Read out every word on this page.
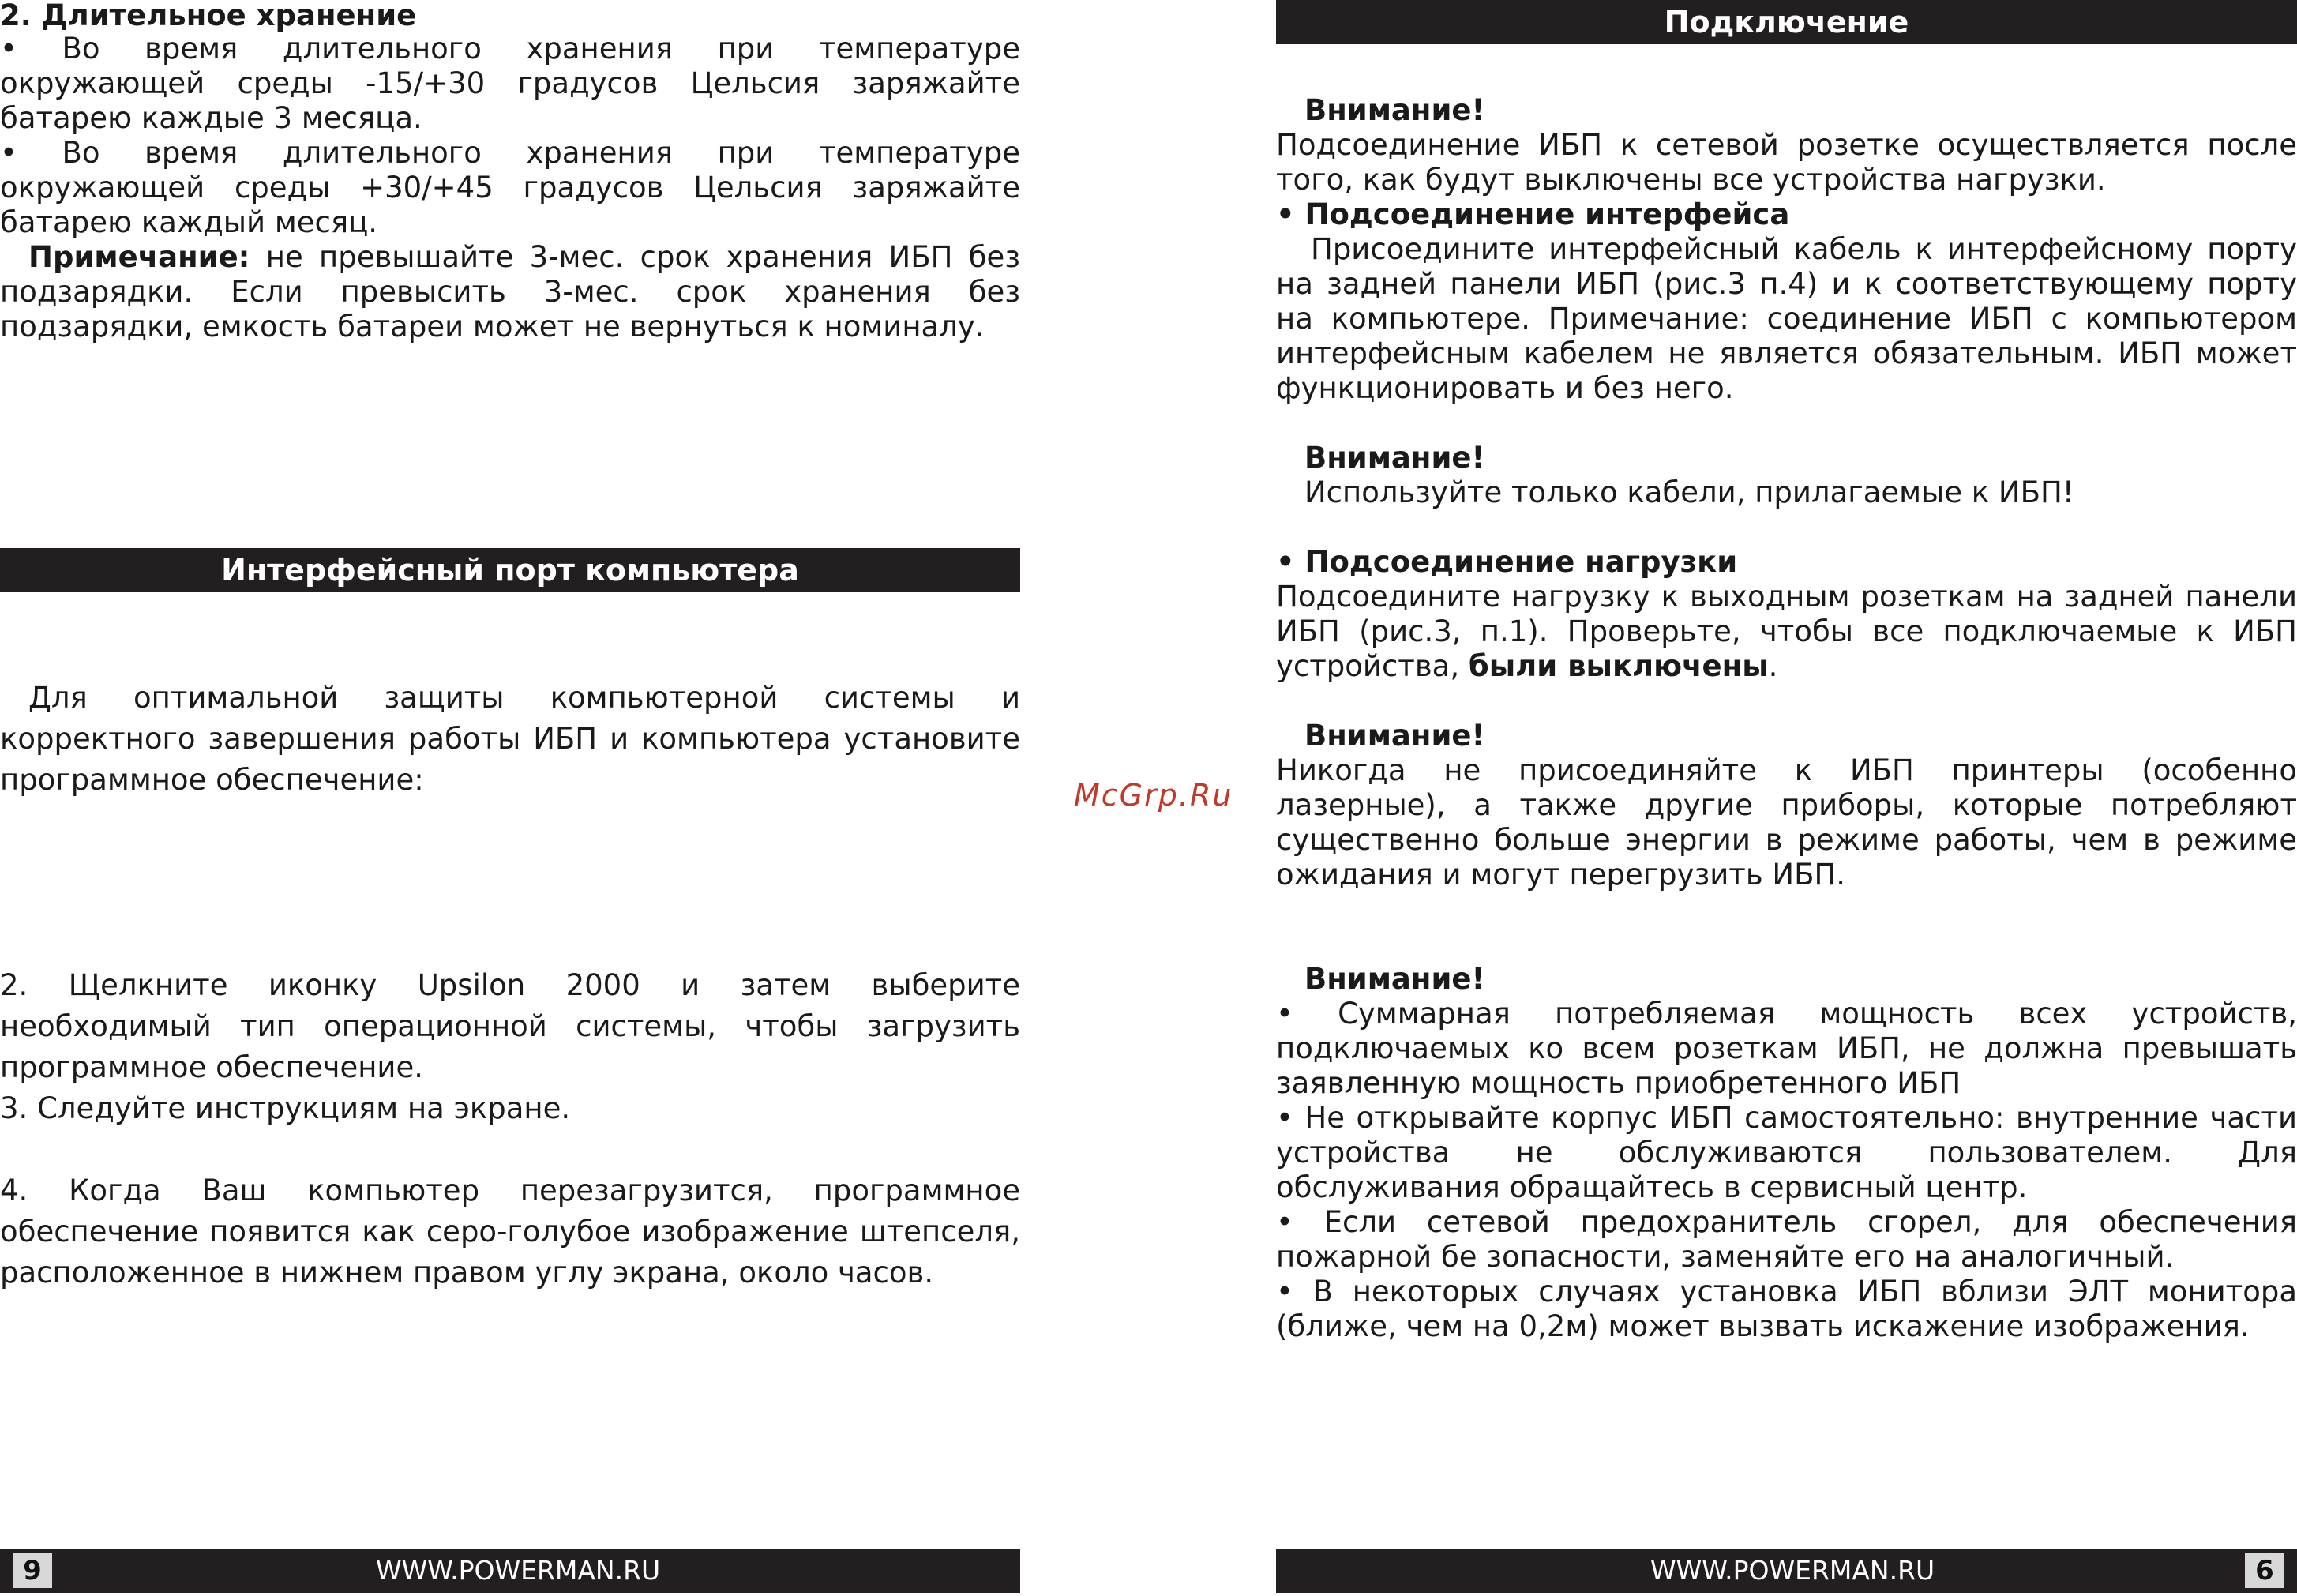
2. Длительное хранение

• Во время длительного хранения при температуре окружающей среды -15/+30 градусов Цельсия заряжайте батарею каждые 3 месяца.

• Во время длительного хранения при температуре окружающей среды +30/+45 градусов Цельсия заряжайте батарею каждый месяц.

Примечание: не превышайте 3-мес. срок хранения ИБП без подзарядки. Если превысить 3-мес. срок хранения без подзарядки, емкость батареи может не вернуться к номиналу.

Интерфейсный порт компьютера

Для оптимальной защиты компьютерной системы и корректного завершения работы ИБП и компьютера установите программное обеспечение:

2. Щелкните иконку Upsilon 2000 и затем выберите необходимый тип операционной системы, чтобы загрузить программное обеспечение.

3. Следуйте инструкциям на экране.

4. Когда Ваш компьютер перезагрузится, программное обеспечение появится как серо-голубое изображение штепселя, расположенное в нижнем правом углу экрана, около часов.

9	WWW.POWERMAN.RU
McGrp.Ru
Подключение

Внимание!

Подсоединение ИБП к сетевой розетке осуществляется после того, как будут выключены все устройства нагрузки.

• Подсоединение интерфейса

Присоедините интерфейсный кабель к интерфейсному порту на задней панели ИБП (рис.3 п.4) и к соответствующему порту на компьютере. Примечание: соединение ИБП с компьютером интерфейсным кабелем не является обязательным. ИБП может функционировать и без него.

Внимание!

Используйте только кабели, прилагаемые к ИБП!

• Подсоединение нагрузки

Подсоедините нагрузку к выходным розеткам на задней панели ИБП (рис.3, п.1). Проверьте, чтобы все подключаемые к ИБП устройства, были выключены.

Внимание!

Никогда не присоединяйте к ИБП принтеры (особенно лазерные), а также другие приборы, которые потребляют существенно больше энергии в режиме работы, чем в режиме ожидания и могут перегрузить ИБП.

Внимание!

• Суммарная потребляемая мощность всех устройств, подключаемых ко всем розеткам ИБП, не должна превышать заявленную мощность приобретенного ИБП

• Не открывайте корпус ИБП самостоятельно: внутренние части устройства не обслуживаются пользователем. Для обслуживания обращайтесь в сервисный центр.

• Если сетевой предохранитель сгорел, для обеспечения пожарной бе зопасности, заменяйте его на аналогичный.

• В некоторых случаях установка ИБП вблизи ЭЛТ монитора (ближе, чем на 0,2м) может вызвать искажение изображения.

WWW.POWERMAN.RU	6
